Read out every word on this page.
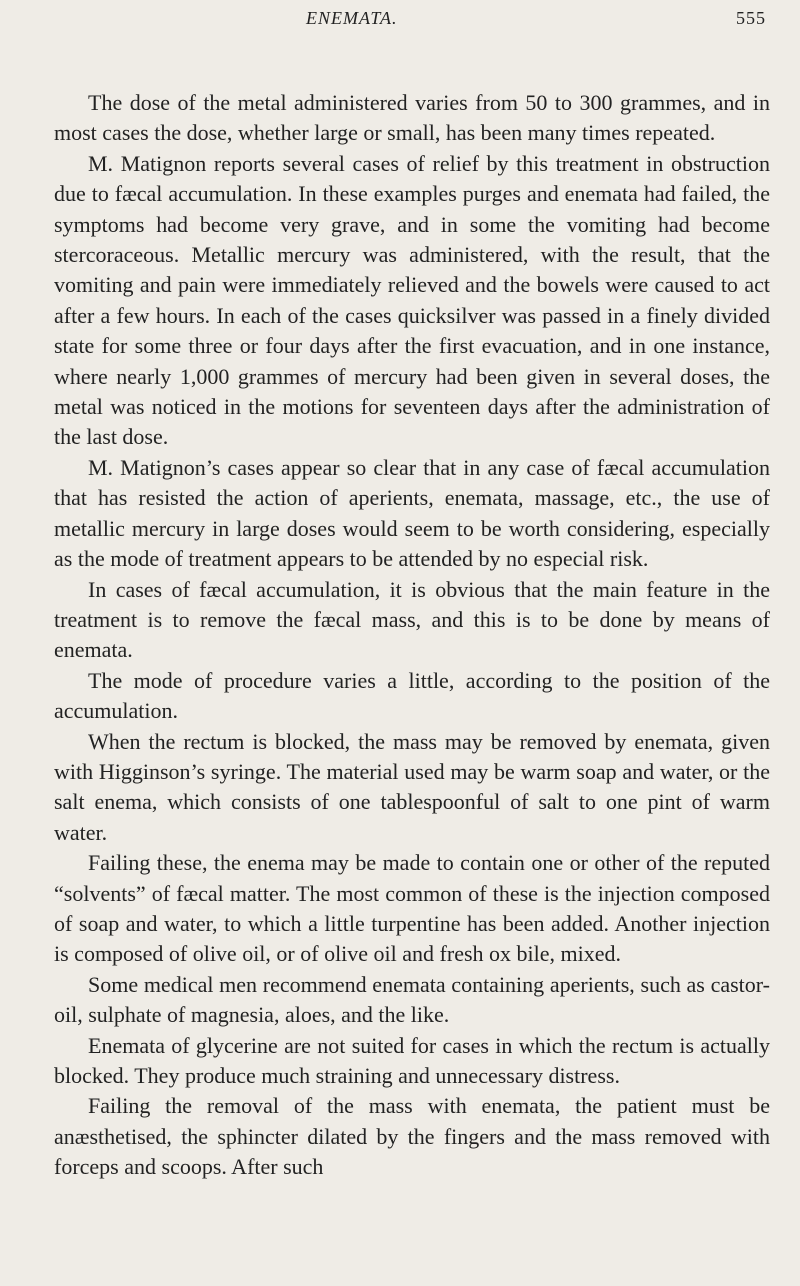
ENEMATA.	555

The dose of the metal administered varies from 50 to 300 grammes, and in most cases the dose, whether large or small, has been many times repeated.

M. Matignon reports several cases of relief by this treatment in obstruction due to fæcal accumulation. In these examples purges and enemata had failed, the symptoms had become very grave, and in some the vomiting had become stercoraceous. Metallic mercury was administered, with the result, that the vomiting and pain were immediately relieved and the bowels were caused to act after a few hours. In each of the cases quicksilver was passed in a finely divided state for some three or four days after the first evacuation, and in one instance, where nearly 1,000 grammes of mercury had been given in several doses, the metal was noticed in the motions for seventeen days after the administration of the last dose.

M. Matignon’s cases appear so clear that in any case of fæcal accumulation that has resisted the action of aperients, enemata, massage, etc., the use of metallic mercury in large doses would seem to be worth considering, especially as the mode of treatment appears to be attended by no especial risk.

In cases of fæcal accumulation, it is obvious that the main feature in the treatment is to remove the fæcal mass, and this is to be done by means of enemata.

The mode of procedure varies a little, according to the position of the accumulation.

When the rectum is blocked, the mass may be removed by enemata, given with Higginson’s syringe. The material used may be warm soap and water, or the salt enema, which consists of one tablespoonful of salt to one pint of warm water.

Failing these, the enema may be made to contain one or other of the reputed “solvents” of fæcal matter. The most common of these is the injection composed of soap and water, to which a little turpentine has been added. Another injection is composed of olive oil, or of olive oil and fresh ox bile, mixed.

Some medical men recommend enemata containing aperients, such as castor-oil, sulphate of magnesia, aloes, and the like.

Enemata of glycerine are not suited for cases in which the rectum is actually blocked. They produce much straining and unnecessary distress.

Failing the removal of the mass with enemata, the patient must be anæsthetised, the sphincter dilated by the fingers and the mass removed with forceps and scoops. After such
